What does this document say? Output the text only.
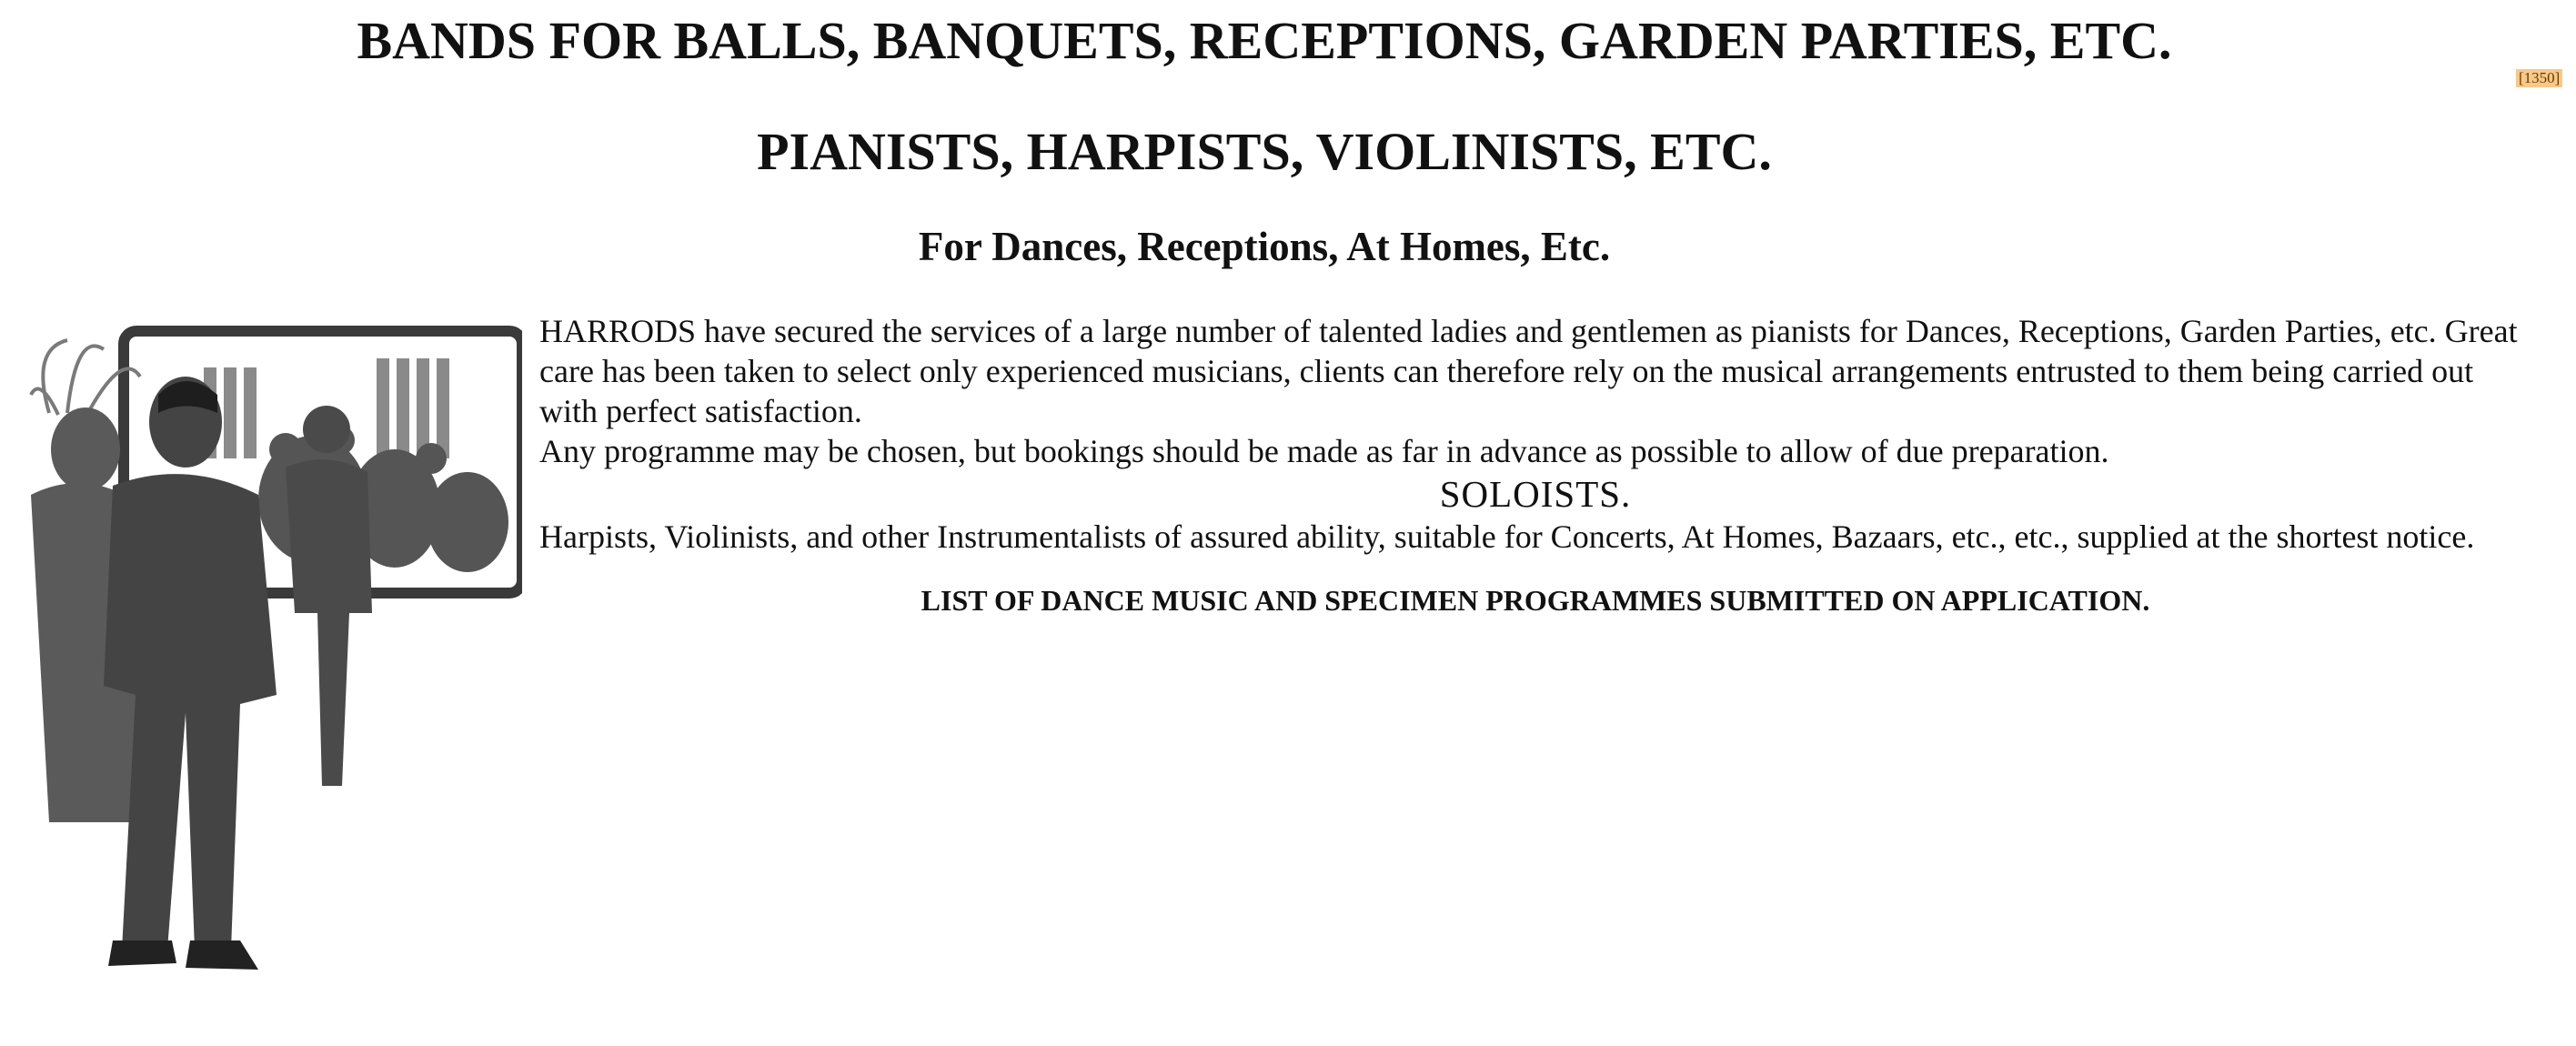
BANDS FOR BALLS, BANQUETS, RECEPTIONS, GARDEN PARTIES, ETC.
PIANISTS, HARPISTS, VIOLINISTS, ETC.
For Dances, Receptions, At Homes, Etc.
[1350]

HARRODS have secured the services of a large number of talented ladies and gentlemen as pianists for Dances, Receptions, Garden Parties, etc. Great care has been taken to select only experienced musicians, clients can therefore rely on the musical arrangements entrusted to them being carried out with perfect satisfaction.

Any programme may be chosen, but bookings should be made as far in advance as possible to allow of due preparation.

SOLOISTS.

Harpists, Violinists, and other Instrumentalists of assured ability, suitable for Concerts, At Homes, Bazaars, etc., etc., supplied at the shortest notice.

LIST OF DANCE MUSIC AND SPECIMEN PROGRAMMES SUBMITTED ON APPLICATION.
